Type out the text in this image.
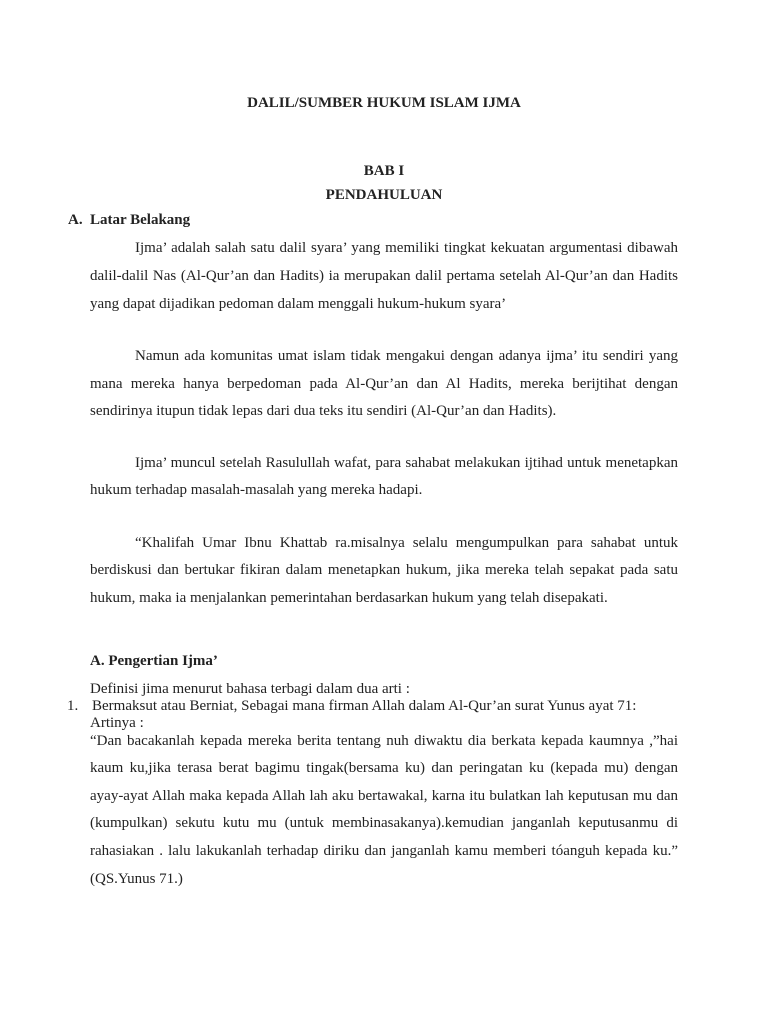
DALIL/SUMBER HUKUM ISLAM IJMA
BAB I
PENDAHULUAN
A. Latar Belakang
Ijma’ adalah salah satu dalil syara’ yang memiliki tingkat kekuatan argumentasi dibawah
dalil-dalil Nas (Al-Qur’an dan Hadits) ia merupakan dalil pertama setelah Al-Qur’an dan Hadits
yang dapat dijadikan pedoman dalam menggali hukum-hukum syara’
Namun ada komunitas umat islam tidak mengakui dengan adanya ijma’ itu sendiri yang
mana mereka hanya berpedoman pada Al-Qur’an dan Al Hadits, mereka berijtihat dengan
sendirinya itupun tidak lepas dari dua teks itu sendiri (Al-Qur’an dan Hadits).
Ijma’ muncul setelah Rasulullah wafat, para sahabat melakukan ijtihad untuk menetapkan
hukum terhadap masalah-masalah yang mereka hadapi.
“Khalifah Umar Ibnu Khattab ra.misalnya selalu mengumpulkan para sahabat untuk
berdiskusi dan bertukar fikiran dalam menetapkan hukum, jika mereka telah sepakat pada satu
hukum, maka ia menjalankan pemerintahan berdasarkan hukum yang telah disepakati.
A. Pengertian Ijma’
Definisi jima menurut bahasa terbagi dalam dua arti :
1. Bermaksut atau Berniat, Sebagai mana firman Allah dalam Al-Qur’an surat Yunus ayat 71:
Artinya :
“Dan bacakanlah kepada mereka berita tentang nuh diwaktu dia berkata kepada kaumnya ,”hai
kaum ku,jika terasa berat bagimu tingak(bersama ku) dan peringatan ku (kepada mu) dengan
ayay-ayat Allah maka kepada Allah lah aku bertawakal, karna itu bulatkan lah keputusan mu dan
(kumpulkan) sekutu kutu mu (untuk membinasakanya).kemudian janganlah keputusanmu di
rahasiakan . lalu lakukanlah terhadap diriku dan janganlah kamu memberi tóanguh kepada ku.”
(QS.Yunus 71.)
